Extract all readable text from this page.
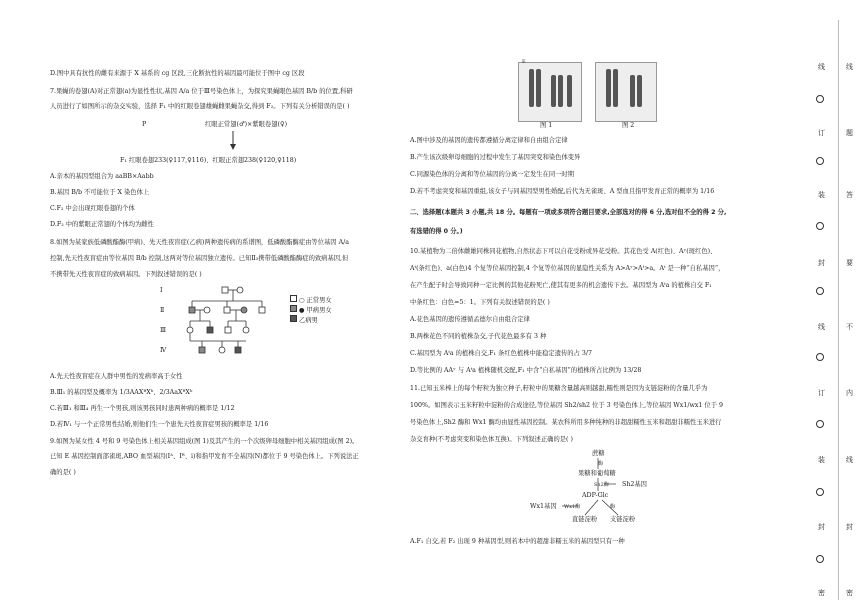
D.图中具有抗性的雌有来源于 X 基系的 cg 区段,三化断抗性的基因最可能位于图中 cg 区段
7.果蝇的卷翅(A)对正常翅(a)为显性性状,基因 A/a 位于Ⅲ号染色体上，为探究果蝇眼色基因 B/b 的位置,科研
人员进行了如图所示的杂交实验，选择 F₁ 中的红眼卷翅雄蝇雌果蝇杂交,得到 F₂。下列有关分析错误的是( )
P	红眼正常翅(♂)×紫眼卷翅(♀)
F₁ 红眼卷翅233(♀117,♀116)、红眼正常翅238(♀120,♀118)
A.亲本的基因型组合为 aaBB×Aabb
B.基因 B/b 不可能位于 X 染色体上
C.F₂ 中会出现红眼卷翅的个体
D.F₂ 中的紫眼正常翅的个体均为雌性
8.如图为某家族低磷酸酯酶(甲病)、先天性夜盲症(乙病)两种遗传病的系谱图，低磷酸酯酶症由等位基因 A/a
控制,先天性夜盲症由等位基因 B/b 控制,这两对等位基因独立遗传。已知Ⅱ₃携带低磷酸酯酶症的致病基因,但
不携带先天性夜盲症的致病基因。下列叙述错误的是( )
Ⅰ
Ⅱ
Ⅲ
Ⅳ
○ 正常男女
● 甲病男女
乙病男
A.先天性夜盲症在人群中男性的发病率高于女性
B.Ⅲ₁ 的基因型及概率为 1/3AAXᴮXᵇ、2/3AaXᴮXᵇ
C.若Ⅲ₁ 和Ⅲ₄ 再生一个男孩,则该男孩同时患两种病的概率是 1/12
D.若Ⅳ₁ 与一个正常男性结婚,则他们生一个患先天性夜盲症男孩的概率是 1/16
9.如图为某女性 4 号和 9 号染色体上相关基因组成(图 1)及其产生的一个次级卵母细胞中相关基因组成(图 2)。
已知 E 基因控制面部雀斑,ABO 血型基因(Iᴬ、Iᴮ、i)和指甲发育不全基因(N)都位于 9 号染色体上。下列说法正
确的是( )
E
图 1	图 2
A.图中涉及的基因的遗传都遵循分离定律和自由组合定律
B.产生该次级卵母细胞的过程中发生了基因突变和染色体变异
C.同源染色体的分离和等位基因的分离一定发生在同一时期
D.若不考虑突变和基因重组,该女子与同基因型男性婚配,后代为无雀斑、A 型血且指甲发育正常的概率为 1/16
二、选择题(本题共 3 小题,共 18 分。每题有一项或多项符合题目要求,全部选对的得 6 分,选对但不全的得 2 分,
有选错的得 0 分。)
10.某植物为二倍体雌雄同株同花植物,自然状态下可以自花受粉或异花受粉。其花色受 A(红色)、Aʸ(斑红色)、
Aᵗ(条红色)、a(白色)4 个复等位基因控制,4 个复等位基因的显隐性关系为 A>Aʸ>Aᵗ>a。Aᵗ 是一种“自私基因”，
在产生配子时会导致同种一定比例的其他花粉死亡,使其有更多的机会遗传下去。基因型为 Aᵗa 的植株自交 F₁
中条红色：白色=5：1。下列有关叙述错误的是( )
A.花色基因的遗传遵循孟德尔自由组合定律
B.两株花色不同的植株杂交,子代花色最多有 3 种
C.基因型为 Aᵗa 的植株自交,F₁ 条红色植株中能稳定遗传的占 3/7
D.等比例的 AAʸ 与 Aᵗa 植株随机交配,F₁ 中含“自私基因”的植株所占比例为 13/28
11.已知玉米棒上的每个籽粒为独立种子,籽粒中的果糖含量越高则越甜,糯性则是因为支链淀粉的含量几乎为
100%。如图表示玉米籽粒中淀粉的合成途径,等位基因 Sh2/sh2 位于 3 号染色体上,等位基因 Wx1/wx1 位于 9
号染色体上,Sh2 酶和 Wx1 酶均由显性基因控制。某农科所用多种纯种的非超甜糯性玉米和超甜非糯性玉米进行
杂交育种(不考虑突变和染色体互换)。下列叙述正确的是( )
蔗糖
酶
果糖和葡萄糖
Sh2酶 Sh2基因
ADP-Glc
Wx1基因 Wx1酶	酶
直链淀粉 支链淀粉
A.F₁ 自交,若 F₂ 出现 9 种基因型,则若本中的超甜非糯玉米的基因型只有一种
线
订
装
封
线
订
装
封
密
线
题
答
要
不
内
线
封
密
